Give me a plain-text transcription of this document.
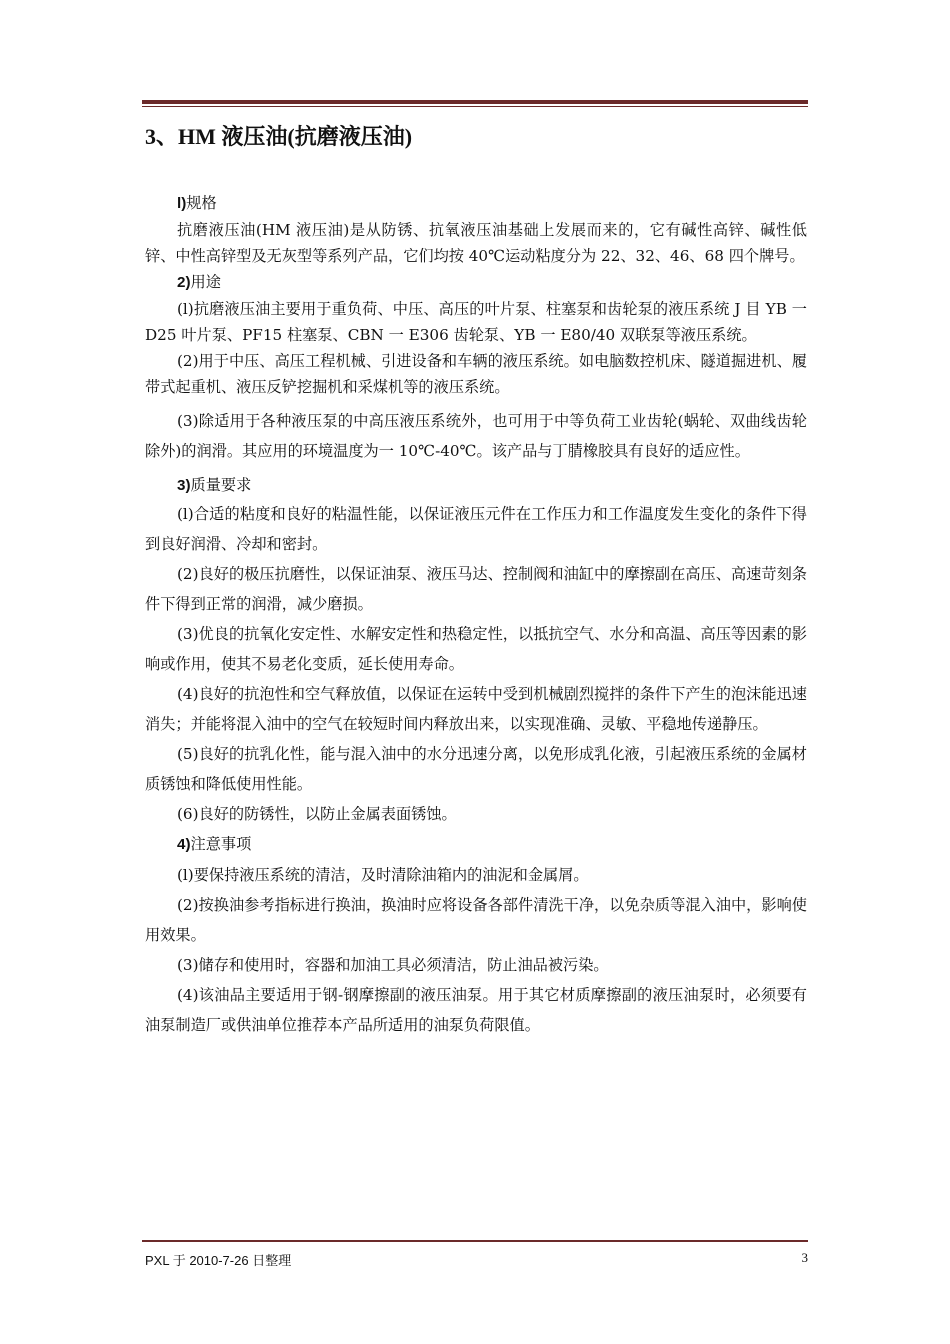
3、HM 液压油(抗磨液压油)

l)规格

抗磨液压油(HM 液压油)是从防锈、抗氧液压油基础上发展而来的，它有碱性高锌、碱性低锌、中性高锌型及无灰型等系列产品，它们均按 40℃运动粘度分为 22、32、46、68 四个牌号。

2)用途

(l)抗磨液压油主要用于重负荷、中压、高压的叶片泵、柱塞泵和齿轮泵的液压系统 J 目 YB 一 D25 叶片泵、PF15 柱塞泵、CBN 一 E306 齿轮泵、YB 一 E80/40 双联泵等液压系统。

(2)用于中压、高压工程机械、引进设备和车辆的液压系统。如电脑数控机床、隧道掘进机、履带式起重机、液压反铲挖掘机和采煤机等的液压系统。

(3)除适用于各种液压泵的中高压液压系统外，也可用于中等负荷工业齿轮(蜗轮、双曲线齿轮除外)的润滑。其应用的环境温度为一 10℃-40℃。该产品与丁腈橡胶具有良好的适应性。

3)质量要求

(l)合适的粘度和良好的粘温性能，以保证液压元件在工作压力和工作温度发生变化的条件下得到良好润滑、冷却和密封。

(2)良好的极压抗磨性，以保证油泵、液压马达、控制阀和油缸中的摩擦副在高压、高速苛刻条件下得到正常的润滑，减少磨损。

(3)优良的抗氧化安定性、水解安定性和热稳定性，以抵抗空气、水分和高温、高压等因素的影响或作用，使其不易老化变质，延长使用寿命。

(4)良好的抗泡性和空气释放值，以保证在运转中受到机械剧烈搅拌的条件下产生的泡沫能迅速消失；并能将混入油中的空气在较短时间内释放出来，以实现准确、灵敏、平稳地传递静压。

(5)良好的抗乳化性，能与混入油中的水分迅速分离，以免形成乳化液，引起液压系统的金属材质锈蚀和降低使用性能。

(6)良好的防锈性，以防止金属表面锈蚀。

4)注意事项

(l)要保持液压系统的清洁，及时清除油箱内的油泥和金属屑。

(2)按换油参考指标进行换油，换油时应将设备各部件清洗干净，以免杂质等混入油中，影响使用效果。

(3)储存和使用时，容器和加油工具必须清洁，防止油品被污染。

(4)该油品主要适用于钢-钢摩擦副的液压油泵。用于其它材质摩擦副的液压油泵时，必须要有油泵制造厂或供油单位推荐本产品所适用的油泵负荷限值。

PXL 于 2010-7-26 日整理	3
